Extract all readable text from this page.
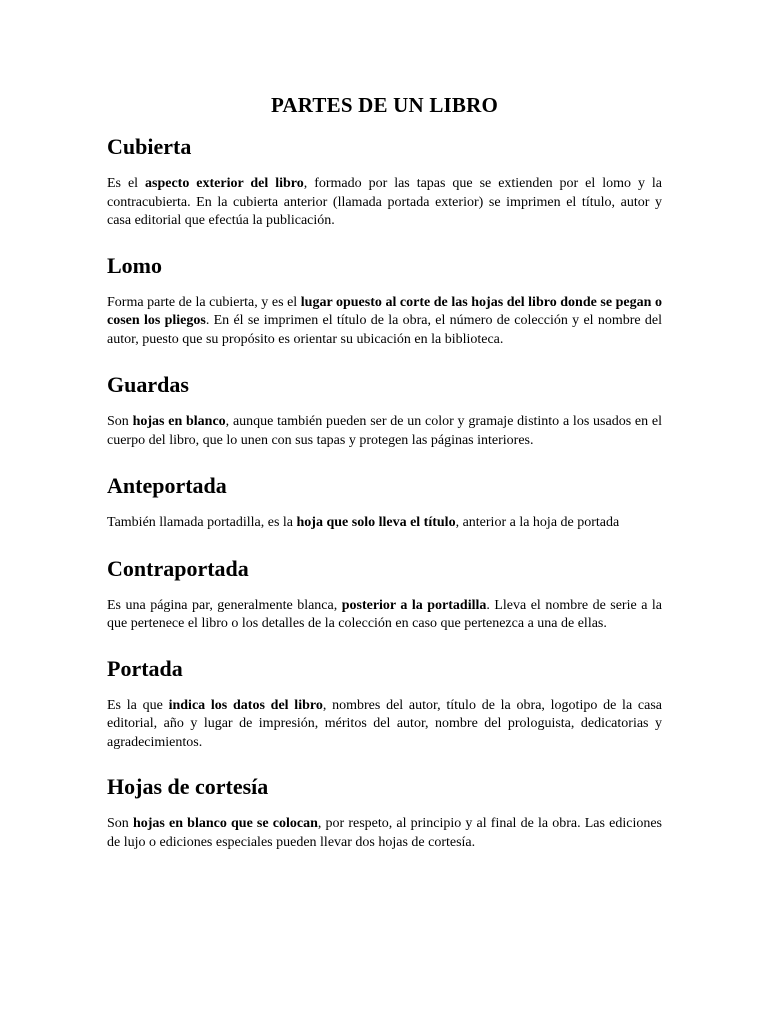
PARTES DE UN LIBRO
Cubierta

Es el aspecto exterior del libro, formado por las tapas que se extienden por el lomo y la contracubierta. En la cubierta anterior (llamada portada exterior) se imprimen el título, autor y casa editorial que efectúa la publicación.

Lomo

Forma parte de la cubierta, y es el lugar opuesto al corte de las hojas del libro donde se pegan o cosen los pliegos. En él se imprimen el título de la obra, el número de colección y el nombre del autor, puesto que su propósito es orientar su ubicación en la biblioteca.

Guardas

Son hojas en blanco, aunque también pueden ser de un color y gramaje distinto a los usados en el cuerpo del libro, que lo unen con sus tapas y protegen las páginas interiores.

Anteportada

También llamada portadilla, es la hoja que solo lleva el título, anterior a la hoja de portada

Contraportada

Es una página par, generalmente blanca, posterior a la portadilla. Lleva el nombre de serie a la que pertenece el libro o los detalles de la colección en caso que pertenezca a una de ellas.

Portada

Es la que indica los datos del libro, nombres del autor, título de la obra, logotipo de la casa editorial, año y lugar de impresión, méritos del autor, nombre del prologuista, dedicatorias y agradecimientos.

Hojas de cortesía

Son hojas en blanco que se colocan, por respeto, al principio y al final de la obra. Las ediciones de lujo o ediciones especiales pueden llevar dos hojas de cortesía.
